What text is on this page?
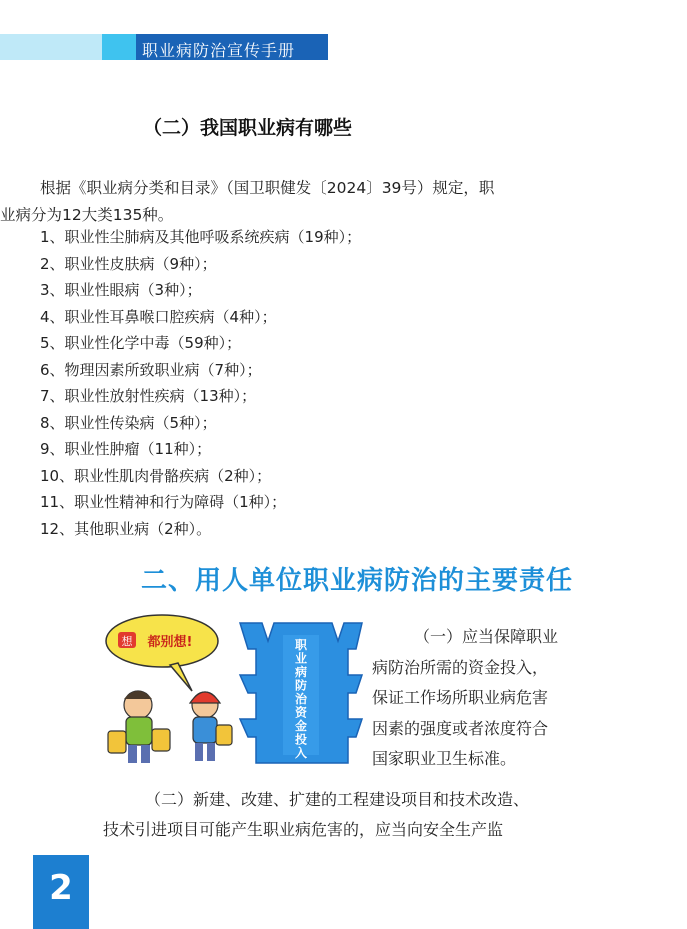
职业病防治宣传手册
（二）我国职业病有哪些
根据《职业病分类和目录》（国卫职健发〔2024〕39号）规定，职
业病分为12大类135种。
1、职业性尘肺病及其他呼吸系统疾病（19种）；
2、职业性皮肤病（9种）；
3、职业性眼病（3种）；
4、职业性耳鼻喉口腔疾病（4种）；
5、职业性化学中毒（59种）；
6、物理因素所致职业病（7种）；
7、职业性放射性疾病（13种）；
8、职业性传染病（5种）；
9、职业性肿瘤（11种）；
10、职业性肌肉骨骼疾病（2种）；
11、职业性精神和行为障碍（1种）；
12、其他职业病（2种）。
二、用人单位职业病防治的主要责任
想 都别想!	职
业
病
防
治
资
金
投
入
（一）应当保障职业
病防治所需的资金投入，
保证工作场所职业病危害
因素的强度或者浓度符合
国家职业卫生标准。
（二）新建、改建、扩建的工程建设项目和技术改造、
技术引进项目可能产生职业病危害的，应当向安全生产监
2
